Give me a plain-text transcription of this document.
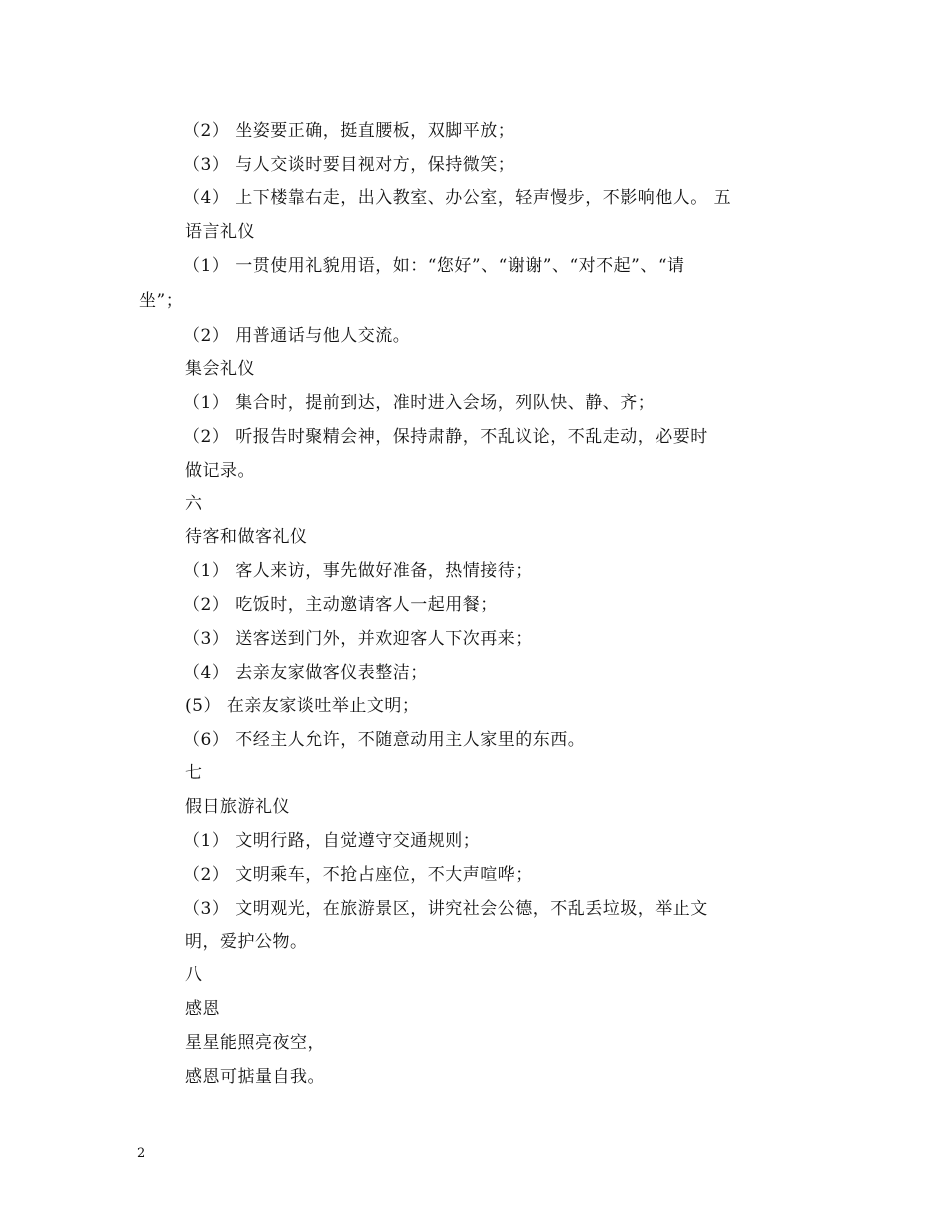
（2） 坐姿要正确，挺直腰板，双脚平放；
（3） 与人交谈时要目视对方，保持微笑；
（4） 上下楼靠右走，出入教室、办公室，轻声慢步，不影响他人。 五
语言礼仪
（1） 一贯使用礼貌用语，如：“您好”、“谢谢”、“对不起”、“请
坐”；
（2） 用普通话与他人交流。
集会礼仪
（1） 集合时，提前到达，准时进入会场，列队快、静、齐；
（2） 听报告时聚精会神，保持肃静，不乱议论，不乱走动，必要时
做记录。
六
待客和做客礼仪
（1） 客人来访，事先做好准备，热情接待；
（2） 吃饭时，主动邀请客人一起用餐；
（3） 送客送到门外，并欢迎客人下次再来；
（4） 去亲友家做客仪表整洁；
(5） 在亲友家谈吐举止文明；
（6） 不经主人允许，不随意动用主人家里的东西。
七
假日旅游礼仪
（1） 文明行路，自觉遵守交通规则；
（2） 文明乘车，不抢占座位，不大声喧哗；
（3） 文明观光，在旅游景区，讲究社会公德，不乱丢垃圾，举止文
明，爱护公物。
八
感恩
星星能照亮夜空，
感恩可掂量自我。
2
